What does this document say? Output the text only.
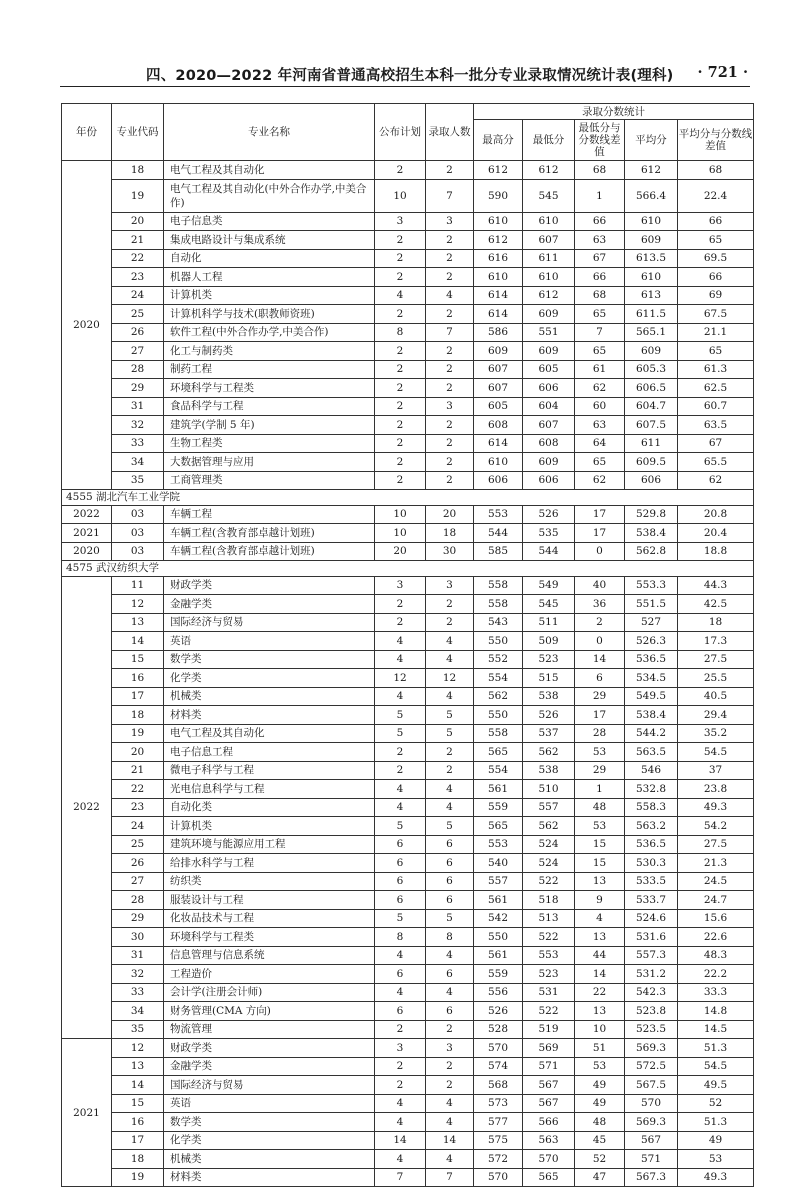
四、2020—2022 年河南省普通高校招生本科一批分专业录取情况统计表(理科) · 721 ·
年份	专业代码	专业名称	公布计划	录取人数	录取分数统计				
					最高分	最低分	最低分与分数线差值	平均分	平均分与分数线差值
2020	18	电气工程及其自动化	2	2	612	612	68	612	68
	19	电气工程及其自动化(中外合作办学,中美合作)	10	7	590	545	1	566.4	22.4
	20	电子信息类	3	3	610	610	66	610	66
	21	集成电路设计与集成系统	2	2	612	607	63	609	65
	22	自动化	2	2	616	611	67	613.5	69.5
	23	机器人工程	2	2	610	610	66	610	66
	24	计算机类	4	4	614	612	68	613	69
	25	计算机科学与技术(职教师资班)	2	2	614	609	65	611.5	67.5
	26	软件工程(中外合作办学,中美合作)	8	7	586	551	7	565.1	21.1
	27	化工与制药类	2	2	609	609	65	609	65
	28	制药工程	2	2	607	605	61	605.3	61.3
	29	环境科学与工程类	2	2	607	606	62	606.5	62.5
	31	食品科学与工程	2	3	605	604	60	604.7	60.7
	32	建筑学(学制 5 年)	2	2	608	607	63	607.5	63.5
	33	生物工程类	2	2	614	608	64	611	67
	34	大数据管理与应用	2	2	610	609	65	609.5	65.5
	35	工商管理类	2	2	606	606	62	606	62
4555 湖北汽车工业学院									
2022	03	车辆工程	10	20	553	526	17	529.8	20.8
2021	03	车辆工程(含教育部卓越计划班)	10	18	544	535	17	538.4	20.4
2020	03	车辆工程(含教育部卓越计划班)	20	30	585	544	0	562.8	18.8
4575 武汉纺织大学									
2022	11	财政学类	3	3	558	549	40	553.3	44.3
	12	金融学类	2	2	558	545	36	551.5	42.5
	13	国际经济与贸易	2	2	543	511	2	527	18
	14	英语	4	4	550	509	0	526.3	17.3
	15	数学类	4	4	552	523	14	536.5	27.5
	16	化学类	12	12	554	515	6	534.5	25.5
	17	机械类	4	4	562	538	29	549.5	40.5
	18	材料类	5	5	550	526	17	538.4	29.4
	19	电气工程及其自动化	5	5	558	537	28	544.2	35.2
	20	电子信息工程	2	2	565	562	53	563.5	54.5
	21	微电子科学与工程	2	2	554	538	29	546	37
	22	光电信息科学与工程	4	4	561	510	1	532.8	23.8
	23	自动化类	4	4	559	557	48	558.3	49.3
	24	计算机类	5	5	565	562	53	563.2	54.2
	25	建筑环境与能源应用工程	6	6	553	524	15	536.5	27.5
	26	给排水科学与工程	6	6	540	524	15	530.3	21.3
	27	纺织类	6	6	557	522	13	533.5	24.5
	28	服装设计与工程	6	6	561	518	9	533.7	24.7
	29	化妆品技术与工程	5	5	542	513	4	524.6	15.6
	30	环境科学与工程类	8	8	550	522	13	531.6	22.6
	31	信息管理与信息系统	4	4	561	553	44	557.3	48.3
	32	工程造价	6	6	559	523	14	531.2	22.2
	33	会计学(注册会计师)	4	4	556	531	22	542.3	33.3
	34	财务管理(CMA 方向)	6	6	526	522	13	523.8	14.8
	35	物流管理	2	2	528	519	10	523.5	14.5
2021	12	财政学类	3	3	570	569	51	569.3	51.3
	13	金融学类	2	2	574	571	53	572.5	54.5
	14	国际经济与贸易	2	2	568	567	49	567.5	49.5
	15	英语	4	4	573	567	49	570	52
	16	数学类	4	4	577	566	48	569.3	51.3
	17	化学类	14	14	575	563	45	567	49
	18	机械类	4	4	572	570	52	571	53
	19	材料类	7	7	570	565	47	567.3	49.3
